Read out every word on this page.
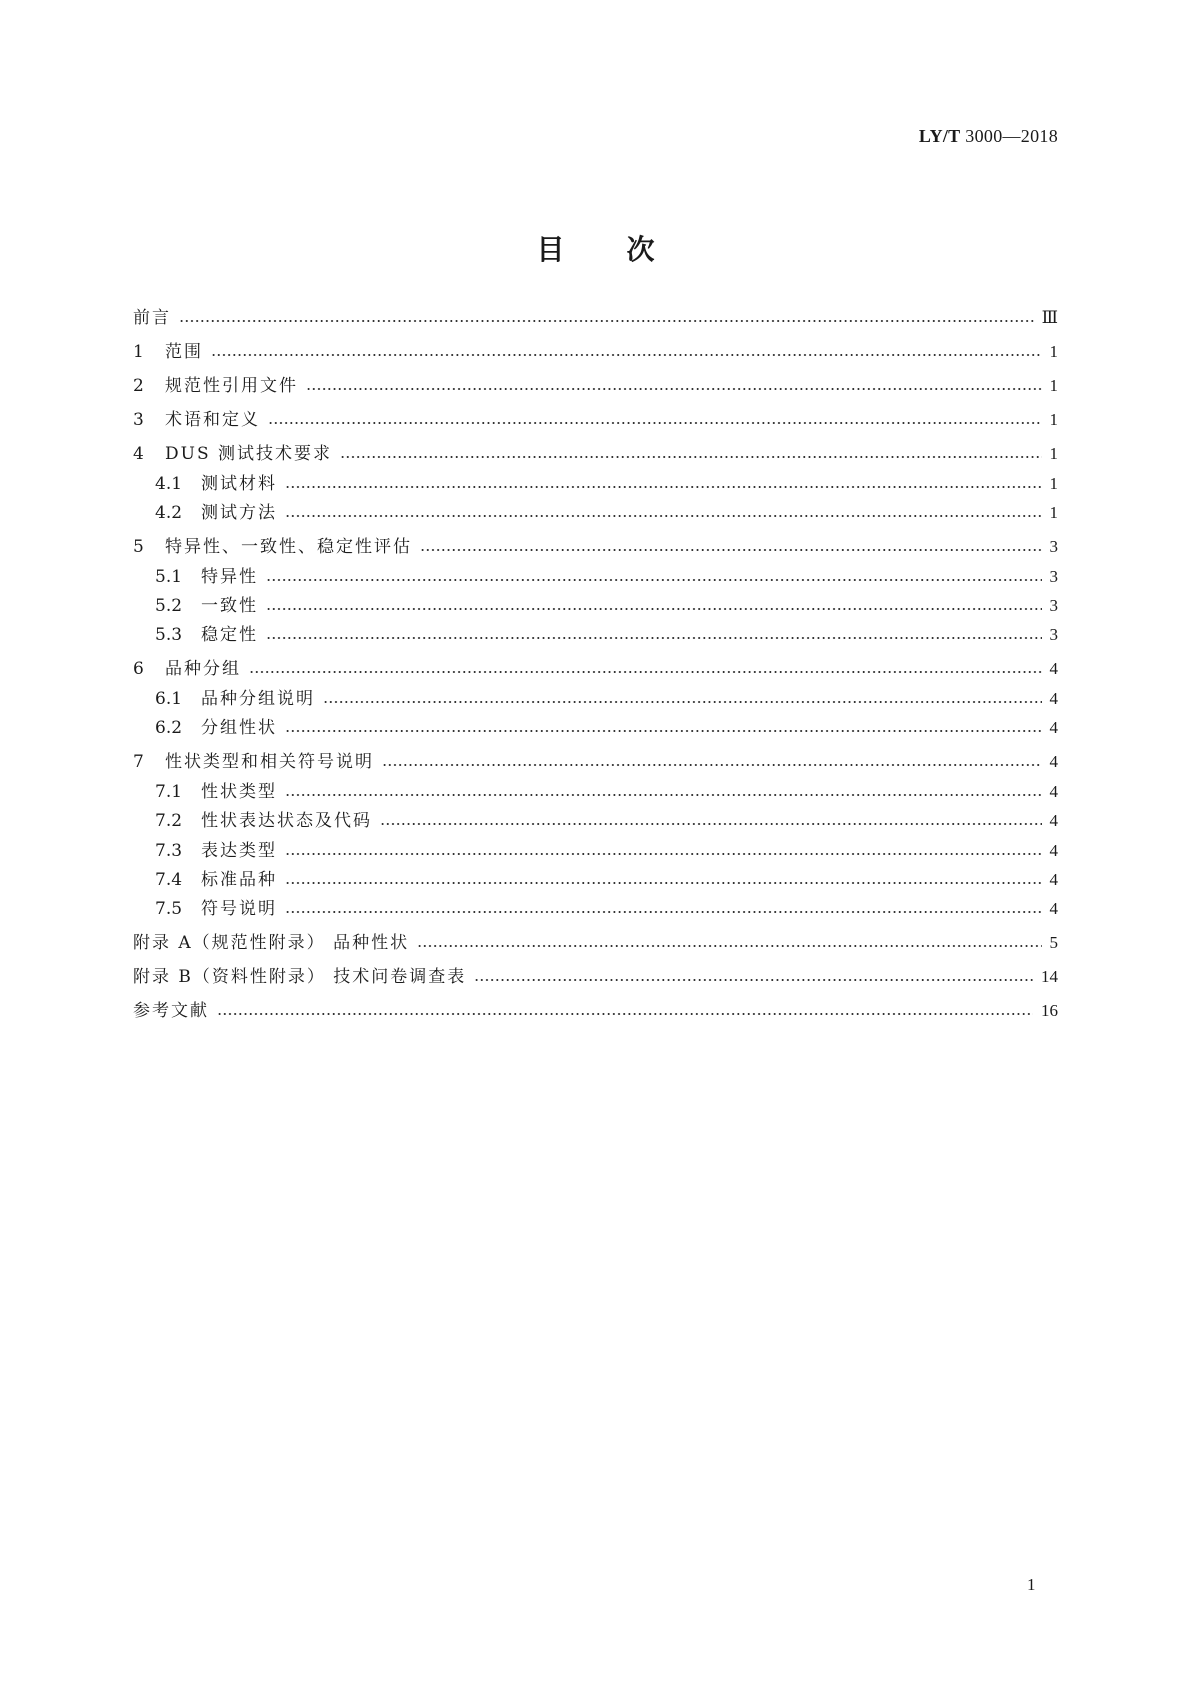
LY/T 3000—2018
目次
前言	Ⅲ
1	范围	1
2	规范性引用文件	1
3	术语和定义	1
4	DUS 测试技术要求	1
4.1	测试材料	1
4.2	测试方法	1
5	特异性、一致性、稳定性评估	3
5.1	特异性	3
5.2	一致性	3
5.3	稳定性	3
6	品种分组	4
6.1	品种分组说明	4
6.2	分组性状	4
7	性状类型和相关符号说明	4
7.1	性状类型	4
7.2	性状表达状态及代码	4
7.3	表达类型	4
7.4	标准品种	4
7.5	符号说明	4
附录 A（规范性附录） 品种性状	5
附录 B（资料性附录） 技术问卷调查表	14
参考文献	16
1
